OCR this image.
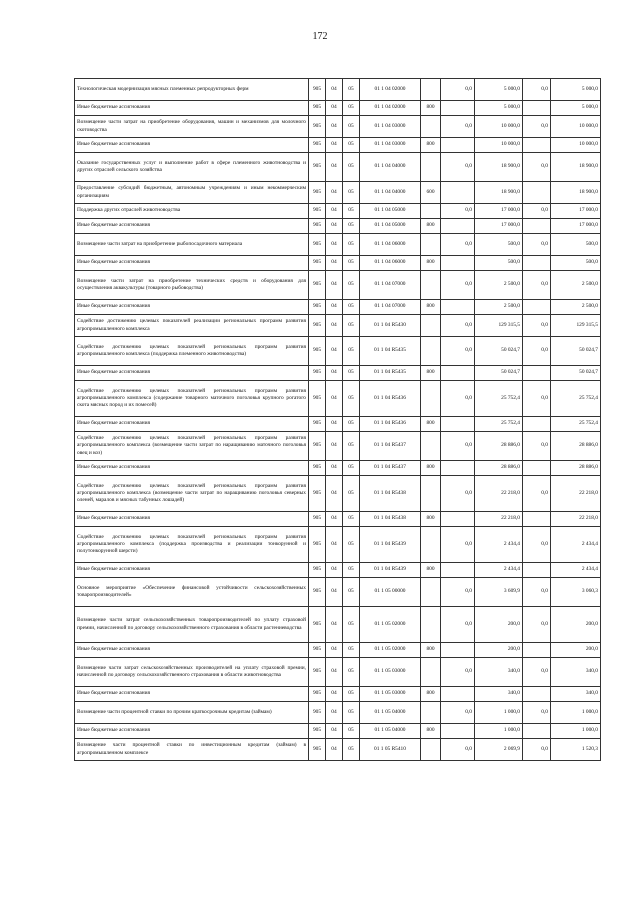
172
Технологическая модернизация мясных племенных репродукторных ферм	905	04	05	01 1 04 02000		0,0	5 000,0	0,0	5 000,0
Иные бюджетные ассигнования	905	04	05	01 1 04 02000	800		5 000,0		5 000,0
Возмещение части затрат на приобретение оборудования, машин и механизмов для молочного скотоводства	905	04	05	01 1 04 03000		0,0	10 000,0	0,0	10 000,0
Иные бюджетные ассигнования	905	04	05	01 1 04 03000	800		10 000,0		10 000,0
Оказание государственных услуг и выполнение работ в сфере племенного животноводства и других отраслей сельского хозяйства	905	04	05	01 1 04 04000		0,0	18 900,0	0,0	18 900,0
Предоставление субсидий бюджетным, автономным учреждениям и иным некоммерческим организациям	905	04	05	01 1 04 04000	600		18 900,0		18 900,0
Поддержка других отраслей животноводства	905	04	05	01 1 04 05000		0,0	17 000,0	0,0	17 000,0
Иные бюджетные ассигнования	905	04	05	01 1 04 05000	800		17 000,0		17 000,0
Возмещение части затрат на приобретение рыбопосадочного материала	905	04	05	01 1 04 06000		0,0	500,0	0,0	500,0
Иные бюджетные ассигнования	905	04	05	01 1 04 06000	800		500,0		500,0
Возмещение части затрат на приобретение технических средств и оборудования для осуществления аквакультуры (товарного рыбоводства)	905	04	05	01 1 04 07000		0,0	2 500,0	0,0	2 500,0
Иные бюджетные ассигнования	905	04	05	01 1 04 07000	800		2 500,0		2 500,0
Содействие достижению целевых показателей реализации региональных программ развития агропромышленного комплекса	905	04	05	01 1 04 R5430		0,0	129 315,5	0,0	129 315,5
Содействие достижению целевых показателей региональных программ развития агропромышленного комплекса (поддержка племенного животноводства)	905	04	05	01 1 04 R5435		0,0	50 024,7	0,0	50 024,7
Иные бюджетные ассигнования	905	04	05	01 1 04 R5435	800		50 024,7		50 024,7
Содействие достижению целевых показателей региональных программ развития агропромышленного комплекса (содержание товарного маточного поголовья крупного рогатого скота мясных пород и их помесей)	905	04	05	01 1 04 R5436		0,0	25 752,4	0,0	25 752,4
Иные бюджетные ассигнования	905	04	05	01 1 04 R5436	800		25 752,4		25 752,4
Содействие достижению целевых показателей региональных программ развития агропромышленного комплекса (возмещение части затрат по наращиванию маточного поголовья овец и коз)	905	04	05	01 1 04 R5437		0,0	28 886,0	0,0	28 886,0
Иные бюджетные ассигнования	905	04	05	01 1 04 R5437	800		28 886,0		28 886,0
Содействие достижению целевых показателей региональных программ развития агропромышленного комплекса (возмещение части затрат по наращиванию поголовья северных оленей, маралов и мясных табунных лошадей)	905	04	05	01 1 04 R5438		0,0	22 218,0	0,0	22 218,0
Иные бюджетные ассигнования	905	04	05	01 1 04 R5438	800		22 218,0		22 218,0
Содействие достижению целевых показателей региональных программ развития агропромышленного комплекса (поддержка производства и реализации тонкорунной и полутонкорунной шерсти)	905	04	05	01 1 04 R5439		0,0	2 434,4	0,0	2 434,4
Иные бюджетные ассигнования	905	04	05	01 1 04 R5439	800		2 434,4		2 434,4
Основное мероприятие «Обеспечение финансовой устойчивости сельскохозяйственных товаропроизводителей»	905	04	05	01 1 05 00000		0,0	3 609,9	0,0	3 060,3
Возмещение части затрат сельскохозяйственных товаропроизводителей по уплату страховой премии, начисленной по договору сельскохозяйственного страхования в области растениеводства	905	04	05	01 1 05 02000		0,0	200,0	0,0	200,0
Иные бюджетные ассигнования	905	04	05	01 1 05 02000	800		200,0		200,0
Возмещение части затрат сельскохозяйственных производителей на уплату страховой премии, начисленной по договору сельскохозяйственного страхования в области животноводства	905	04	05	01 1 05 03000		0,0	340,0	0,0	340,0
Иные бюджетные ассигнования	905	04	05	01 1 05 03000	800		340,0		340,0
Возмещение части процентной ставки по прочим краткосрочным кредитам (займам)	905	04	05	01 1 05 04000		0,0	1 000,0	0,0	1 000,0
Иные бюджетные ассигнования	905	04	05	01 1 05 04000	800		1 000,0		1 000,0
Возмещение части процентной ставки по инвестиционным кредитам (займам) в агропромышленном комплексе	905	04	05	01 1 05 R5410		0,0	2 069,9	0,0	1 520,3
